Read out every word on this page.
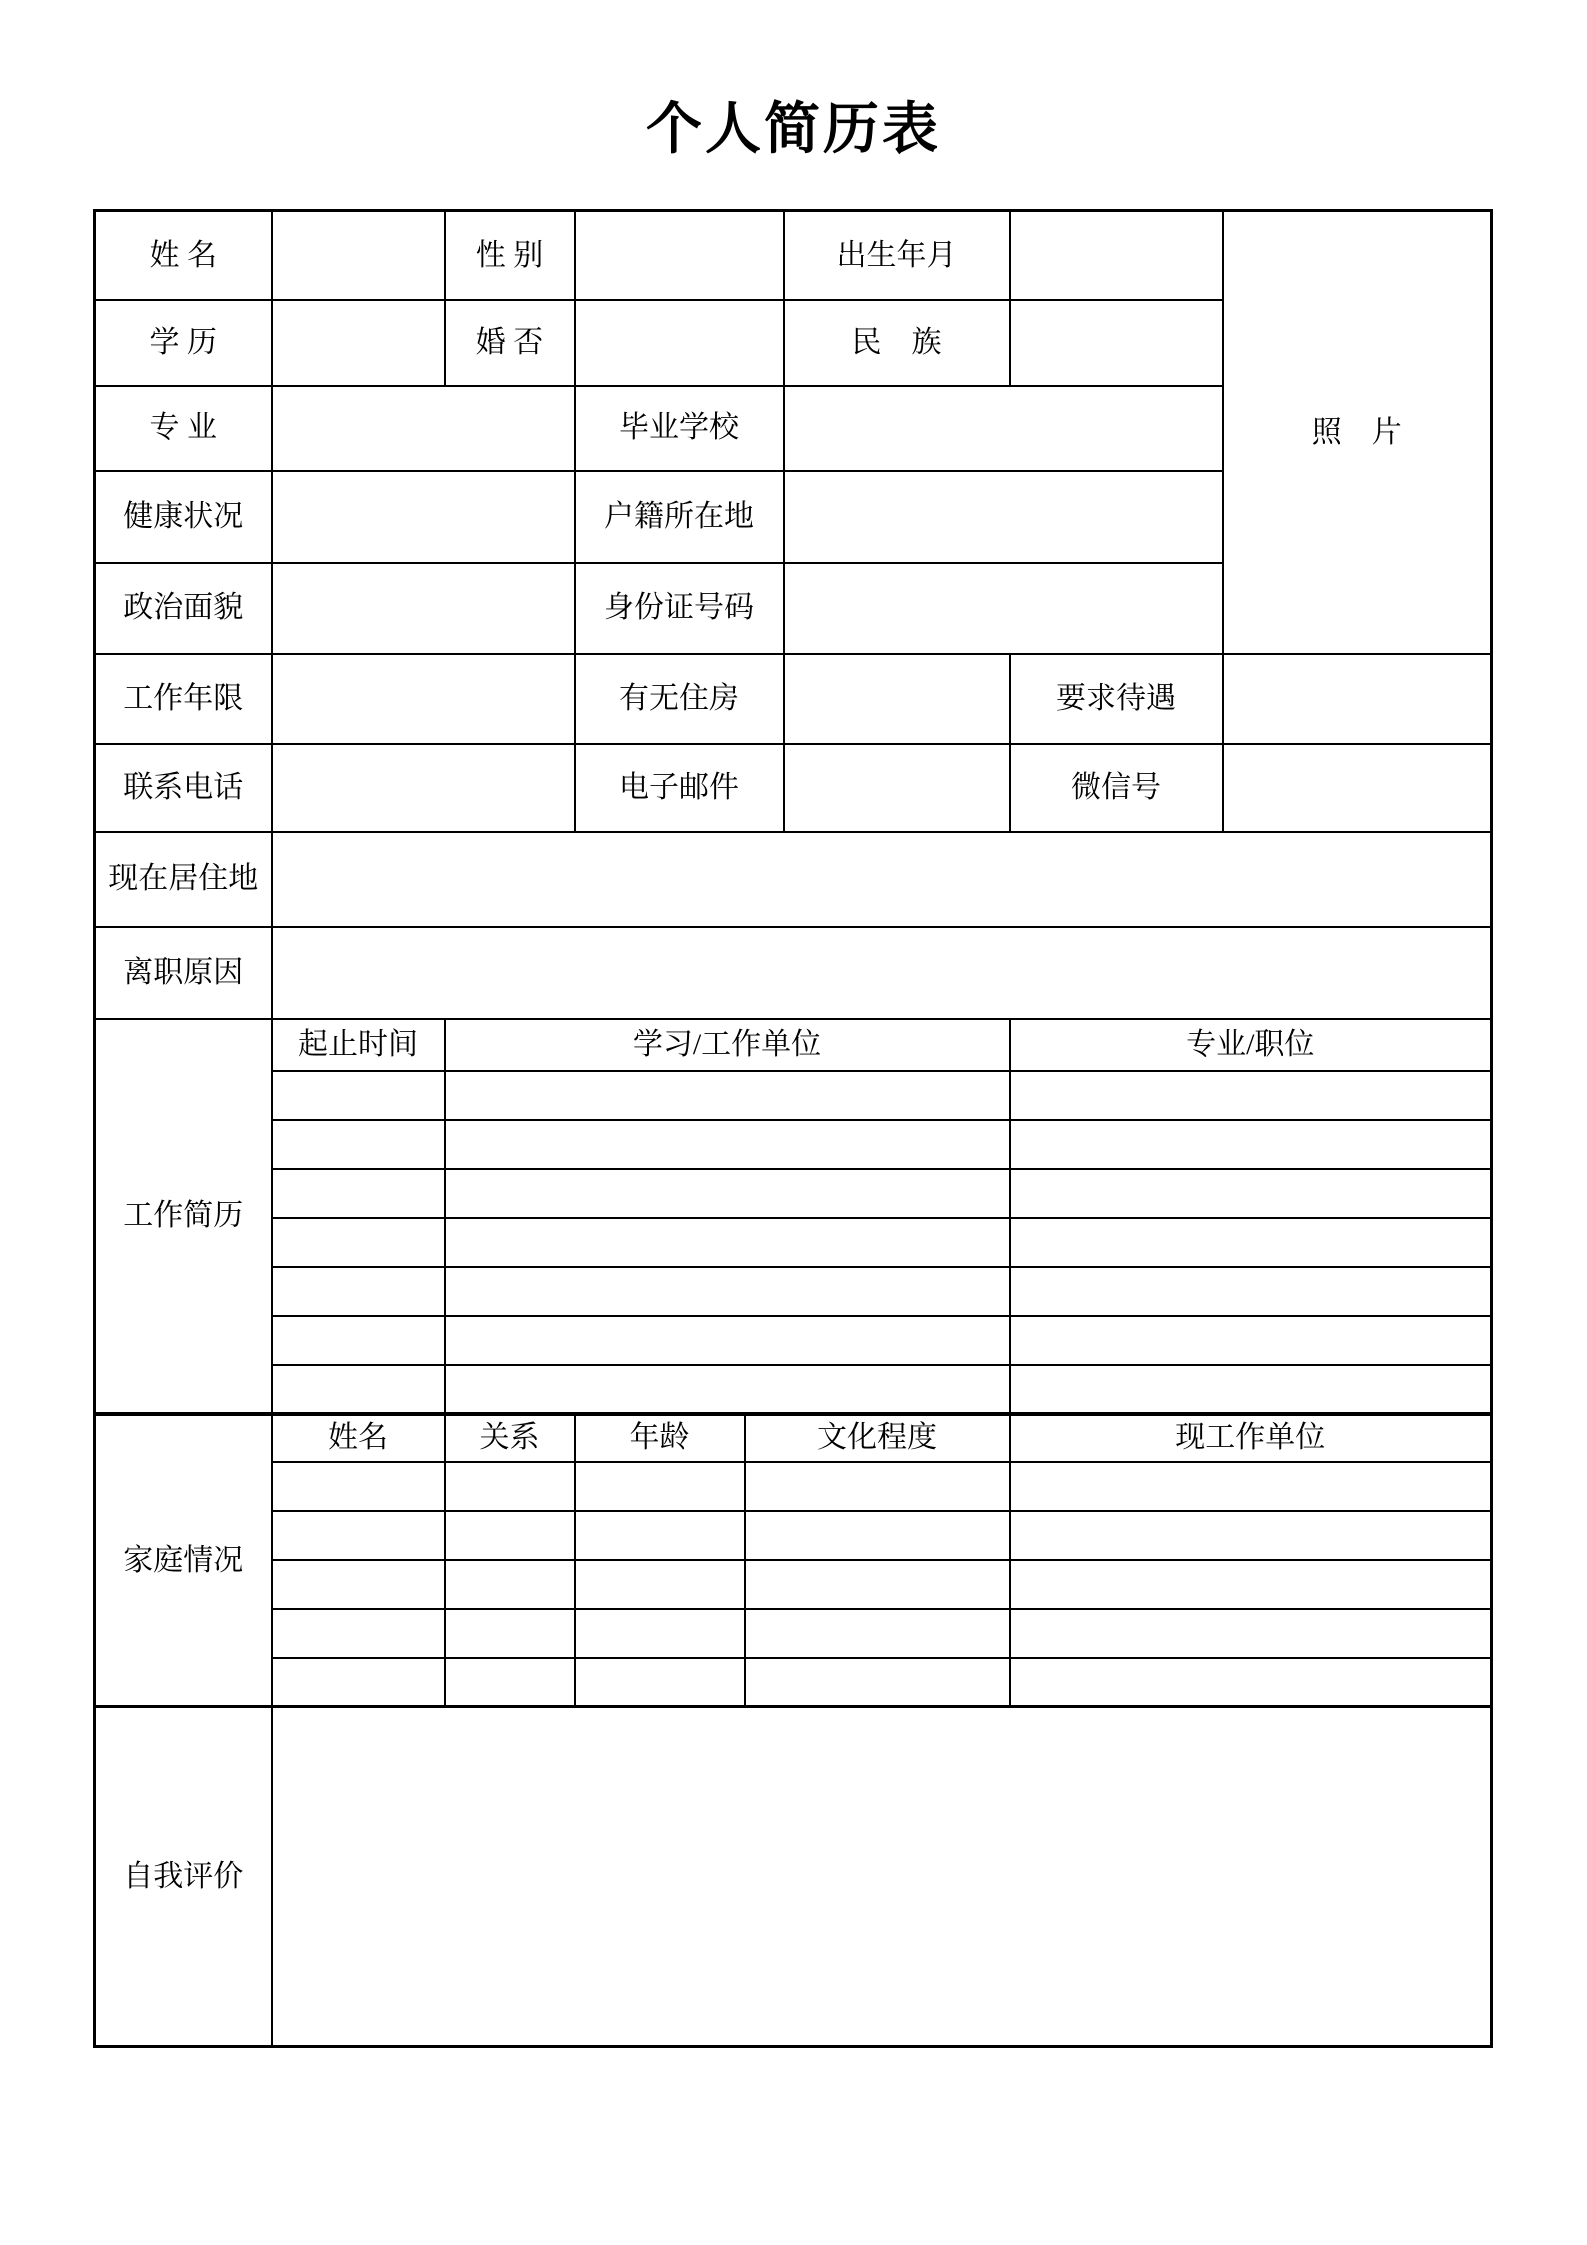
个人简历表
姓 名		性 别			出生年月		照　片
学 历		婚 否			民　族		
专 业			毕业学校				
健康状况			户籍所在地				
政治面貌			身份证号码				
工作年限			有无住房			要求待遇	
联系电话			电子邮件			微信号	
现在居住地							
离职原因							
工作简历	起止时间	学习/工作单位				专业/职位	

家庭情况	姓名	关系	年龄	文化程度		现工作单位	

自我评价							
